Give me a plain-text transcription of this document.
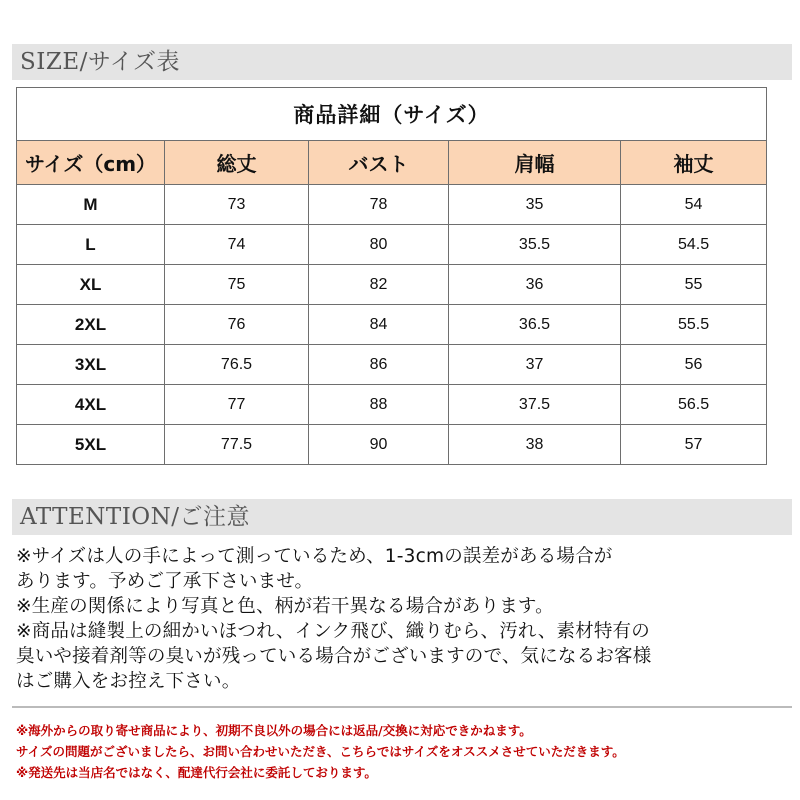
SIZE/サイズ表
商品詳細（サイズ）				
サイズ（cm）	総丈	バスト	肩幅	袖丈
M	73	78	35	54
L	74	80	35.5	54.5
XL	75	82	36	55
2XL	76	84	36.5	55.5
3XL	76.5	86	37	56
4XL	77	88	37.5	56.5
5XL	77.5	90	38	57
ATTENTION/ご注意
※サイズは人の手によって測っているため、1-3cmの誤差がある場合が
あります。予めご了承下さいませ。
※生産の関係により写真と色、柄が若干異なる場合があります。
※商品は縫製上の細かいほつれ、インク飛び、織りむら、汚れ、素材特有の
臭いや接着剤等の臭いが残っている場合がございますので、気になるお客様
はご購入をお控え下さい。
※海外からの取り寄せ商品により、初期不良以外の場合には返品/交換に対応できかねます。
サイズの問題がございましたら、お問い合わせいただき、こちらではサイズをオススメさせていただきます。
※発送先は当店名ではなく、配達代行会社に委託しております。
